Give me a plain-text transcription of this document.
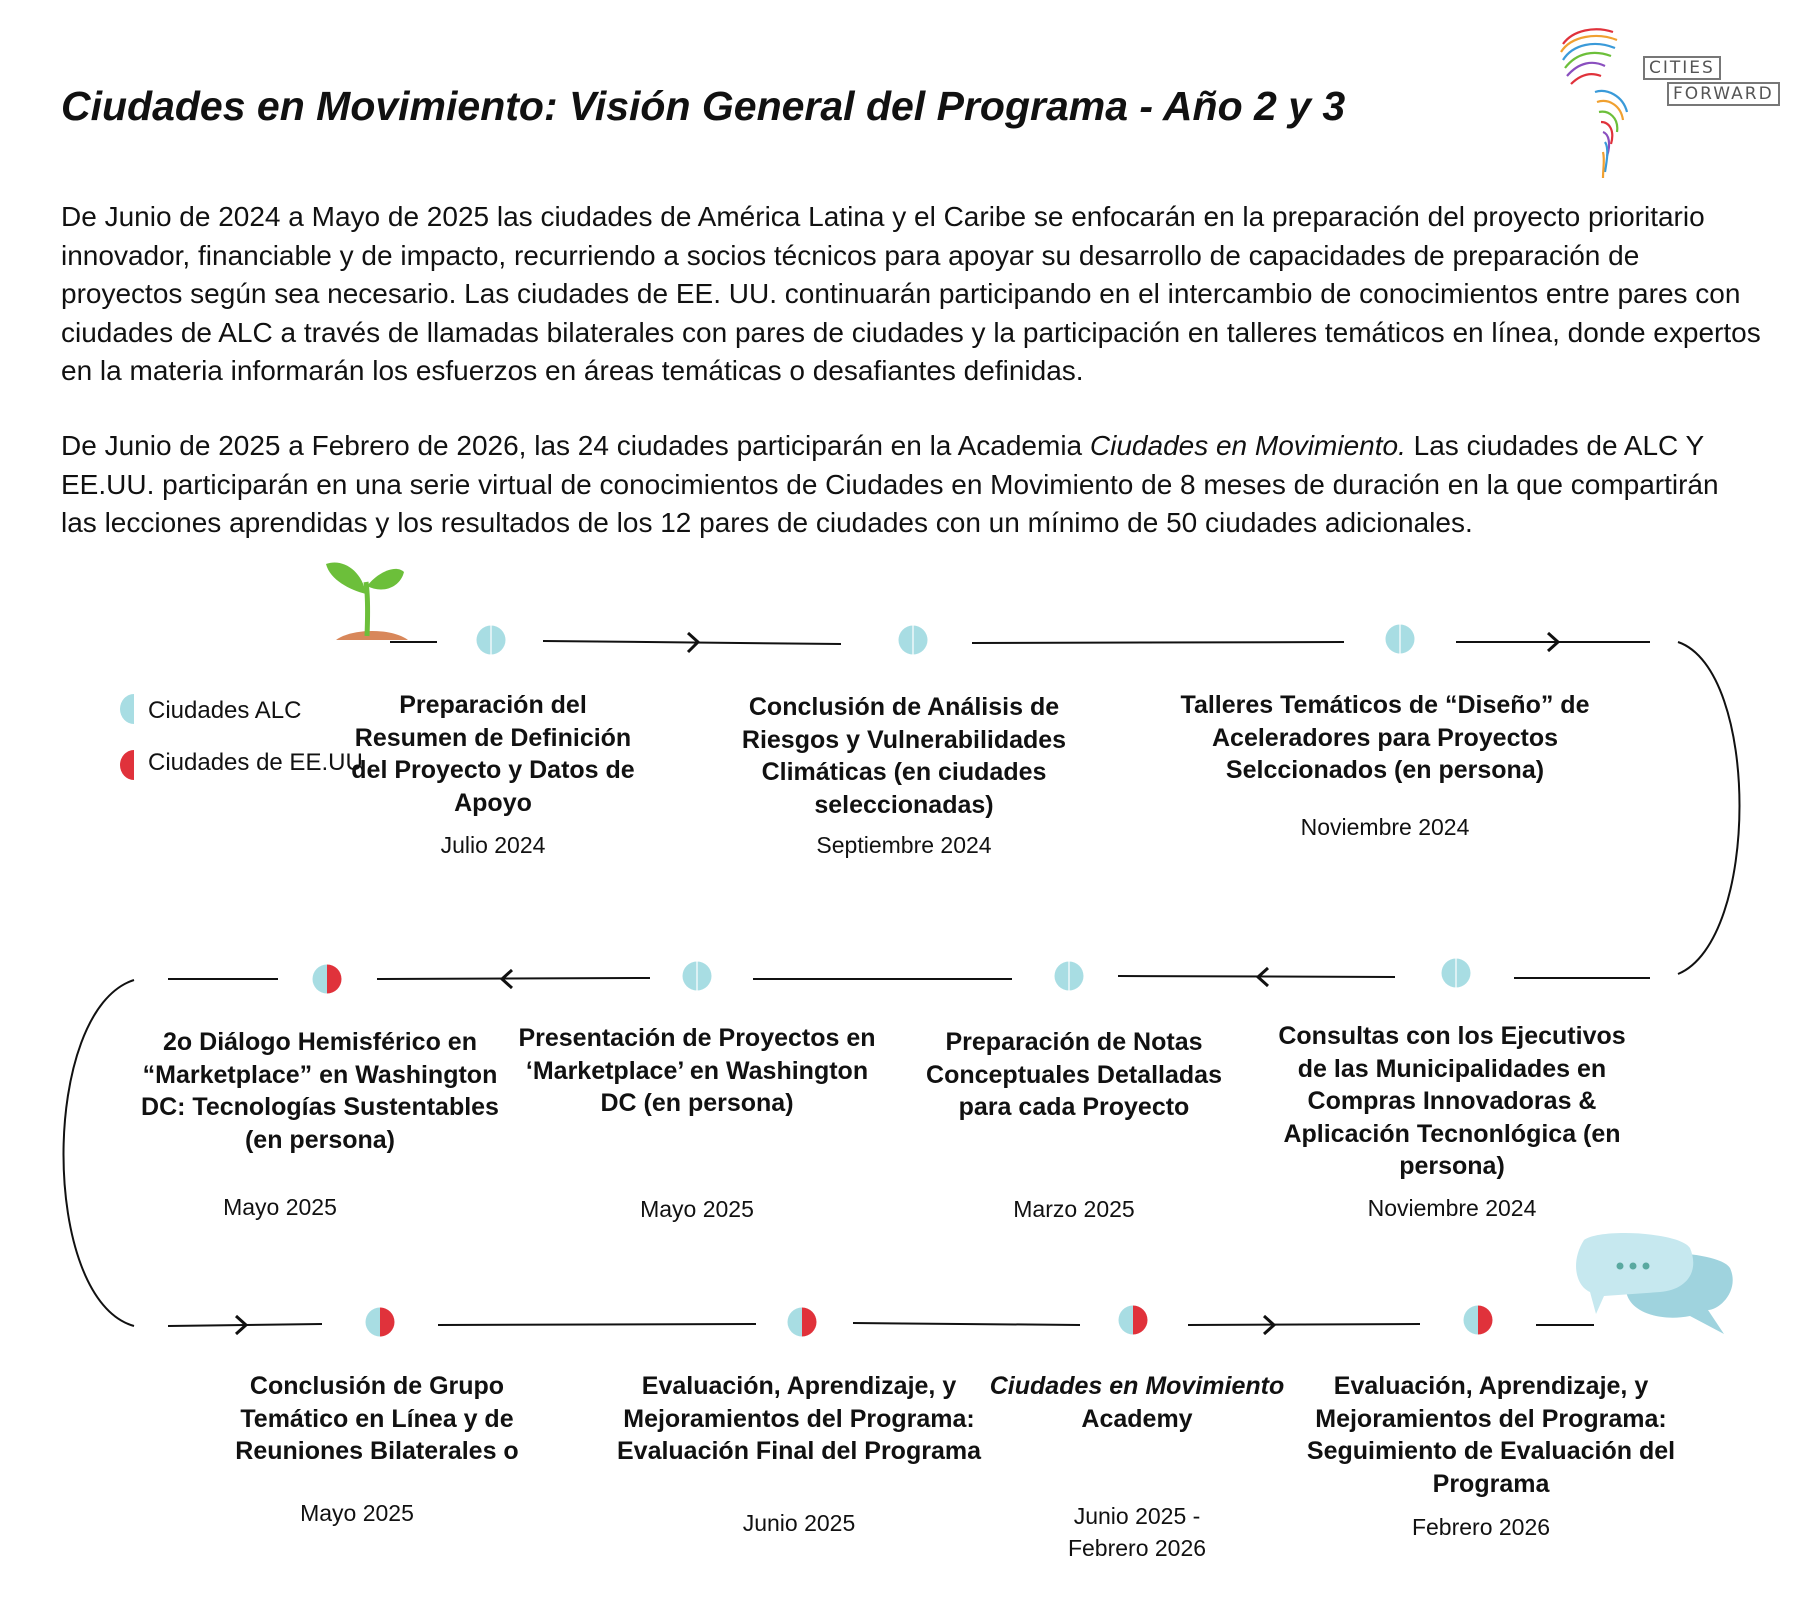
Ciudades en Movimiento: Visión General del Programa - Año 2 y 3
CITIES
FORWARD
De Junio de 2024 a Mayo de 2025 las ciudades de América Latina y el Caribe se enfocarán en la preparación del proyecto prioritario innovador, financiable y de impacto, recurriendo a socios técnicos para apoyar su desarrollo de capacidades de preparación de proyectos según sea necesario. Las ciudades de EE. UU. continuarán participando en el intercambio de conocimientos entre pares con ciudades de ALC a través de llamadas bilaterales con pares de ciudades y la participación en talleres temáticos en línea, donde expertos en la materia informarán los esfuerzos en áreas temáticas o desafiantes definidas.
De Junio de 2025 a Febrero de 2026, las 24 ciudades participarán en la Academia Ciudades en Movimiento. Las ciudades de ALC Y EE.UU. participarán en una serie virtual de conocimientos de Ciudades en Movimiento de 8 meses de duración en la que compartirán las lecciones aprendidas y los resultados de los 12 pares de ciudades con un mínimo de 50 ciudades adicionales.
Ciudades ALC
Ciudades de EE.UU
Preparación del Resumen de Definición del Proyecto y Datos de Apoyo
Julio 2024
Conclusión de Análisis de Riesgos y Vulnerabilidades Climáticas (en ciudades seleccionadas)
Septiembre 2024
Talleres Temáticos de “Diseño” de Aceleradores para Proyectos Selccionados (en persona)
Noviembre 2024
Consultas con los Ejecutivos de las Municipalidades en Compras Innovadoras & Aplicación Tecnonlógica (en persona)
Noviembre 2024
Preparación de Notas Conceptuales Detalladas para cada Proyecto
Marzo 2025
Presentación de Proyectos en ‘Marketplace’ en Washington DC (en persona)
Mayo 2025
2o Diálogo Hemisférico en “Marketplace” en Washington DC: Tecnologías Sustentables (en persona)
Mayo 2025
Conclusión de Grupo Temático en Línea y de Reuniones Bilaterales o
Mayo 2025
Evaluación, Aprendizaje, y Mejoramientos del Programa: Evaluación Final del Programa
Junio 2025
Ciudades en Movimiento
Academy
Junio 2025 - Febrero 2026
Evaluación, Aprendizaje, y Mejoramientos del Programa: Seguimiento de Evaluación del Programa
Febrero 2026
